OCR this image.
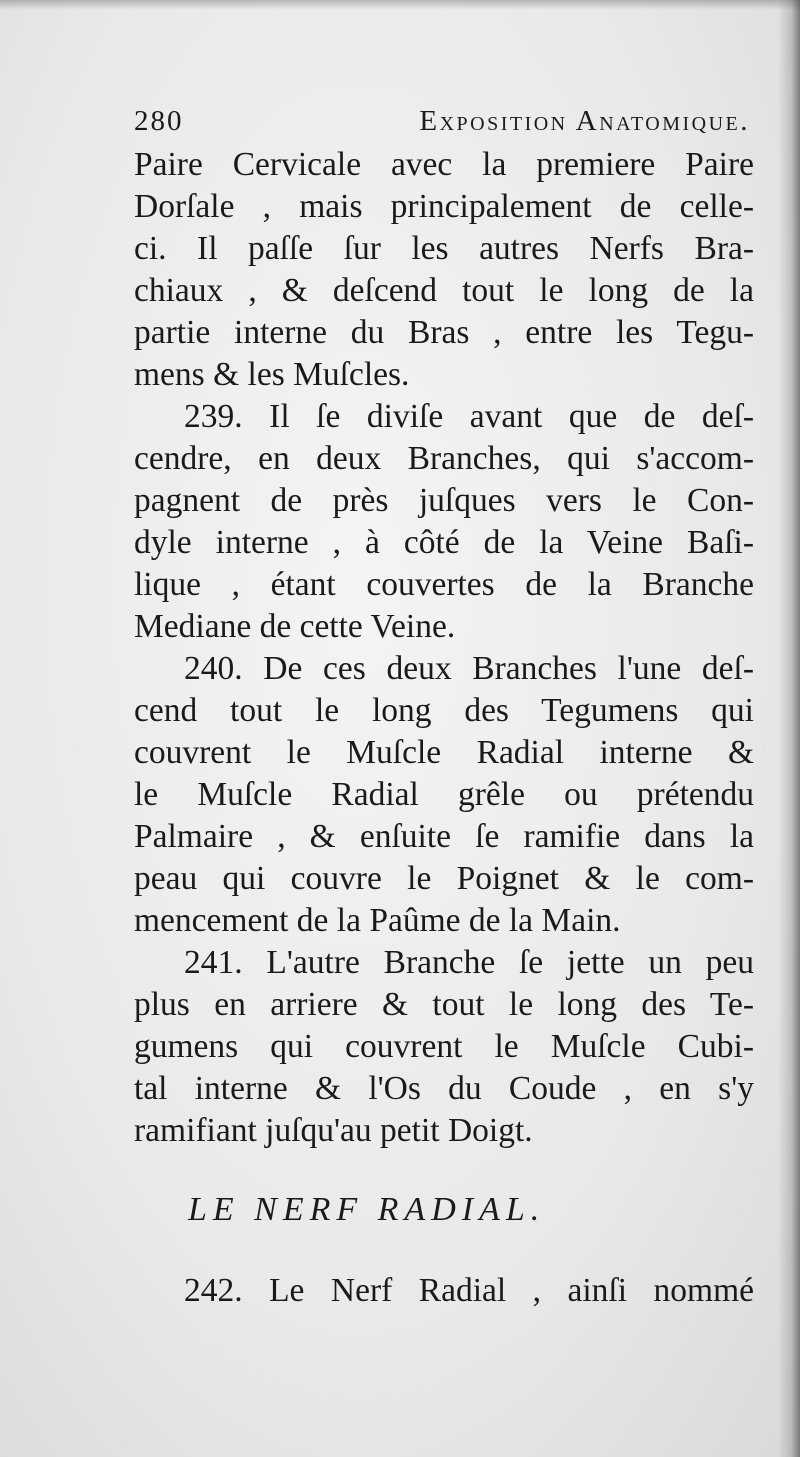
280	Exposition Anatomique.
Paire Cervicale avec la premiere Paire
Dorſale , mais principalement de celle-
ci. Il paſſe ſur les autres Nerfs Bra-
chiaux , & deſcend tout le long de la
partie interne du Bras , entre les Tegu-
mens & les Muſcles.
239. Il ſe diviſe avant que de deſ-
cendre, en deux Branches, qui s'accom-
pagnent de près juſques vers le Con-
dyle interne , à côté de la Veine Baſi-
lique , étant couvertes de la Branche
Mediane de cette Veine.
240. De ces deux Branches l'une deſ-
cend tout le long des Tegumens qui
couvrent le Muſcle Radial interne &
le Muſcle Radial grêle ou prétendu
Palmaire , & enſuite ſe ramifie dans la
peau qui couvre le Poignet & le com-
mencement de la Paûme de la Main.
241. L'autre Branche ſe jette un peu
plus en arriere & tout le long des Te-
gumens qui couvrent le Muſcle Cubi-
tal interne & l'Os du Coude , en s'y
ramifiant juſqu'au petit Doigt.
LE NERF RADIAL.
242. Le Nerf Radial , ainſi nommé
